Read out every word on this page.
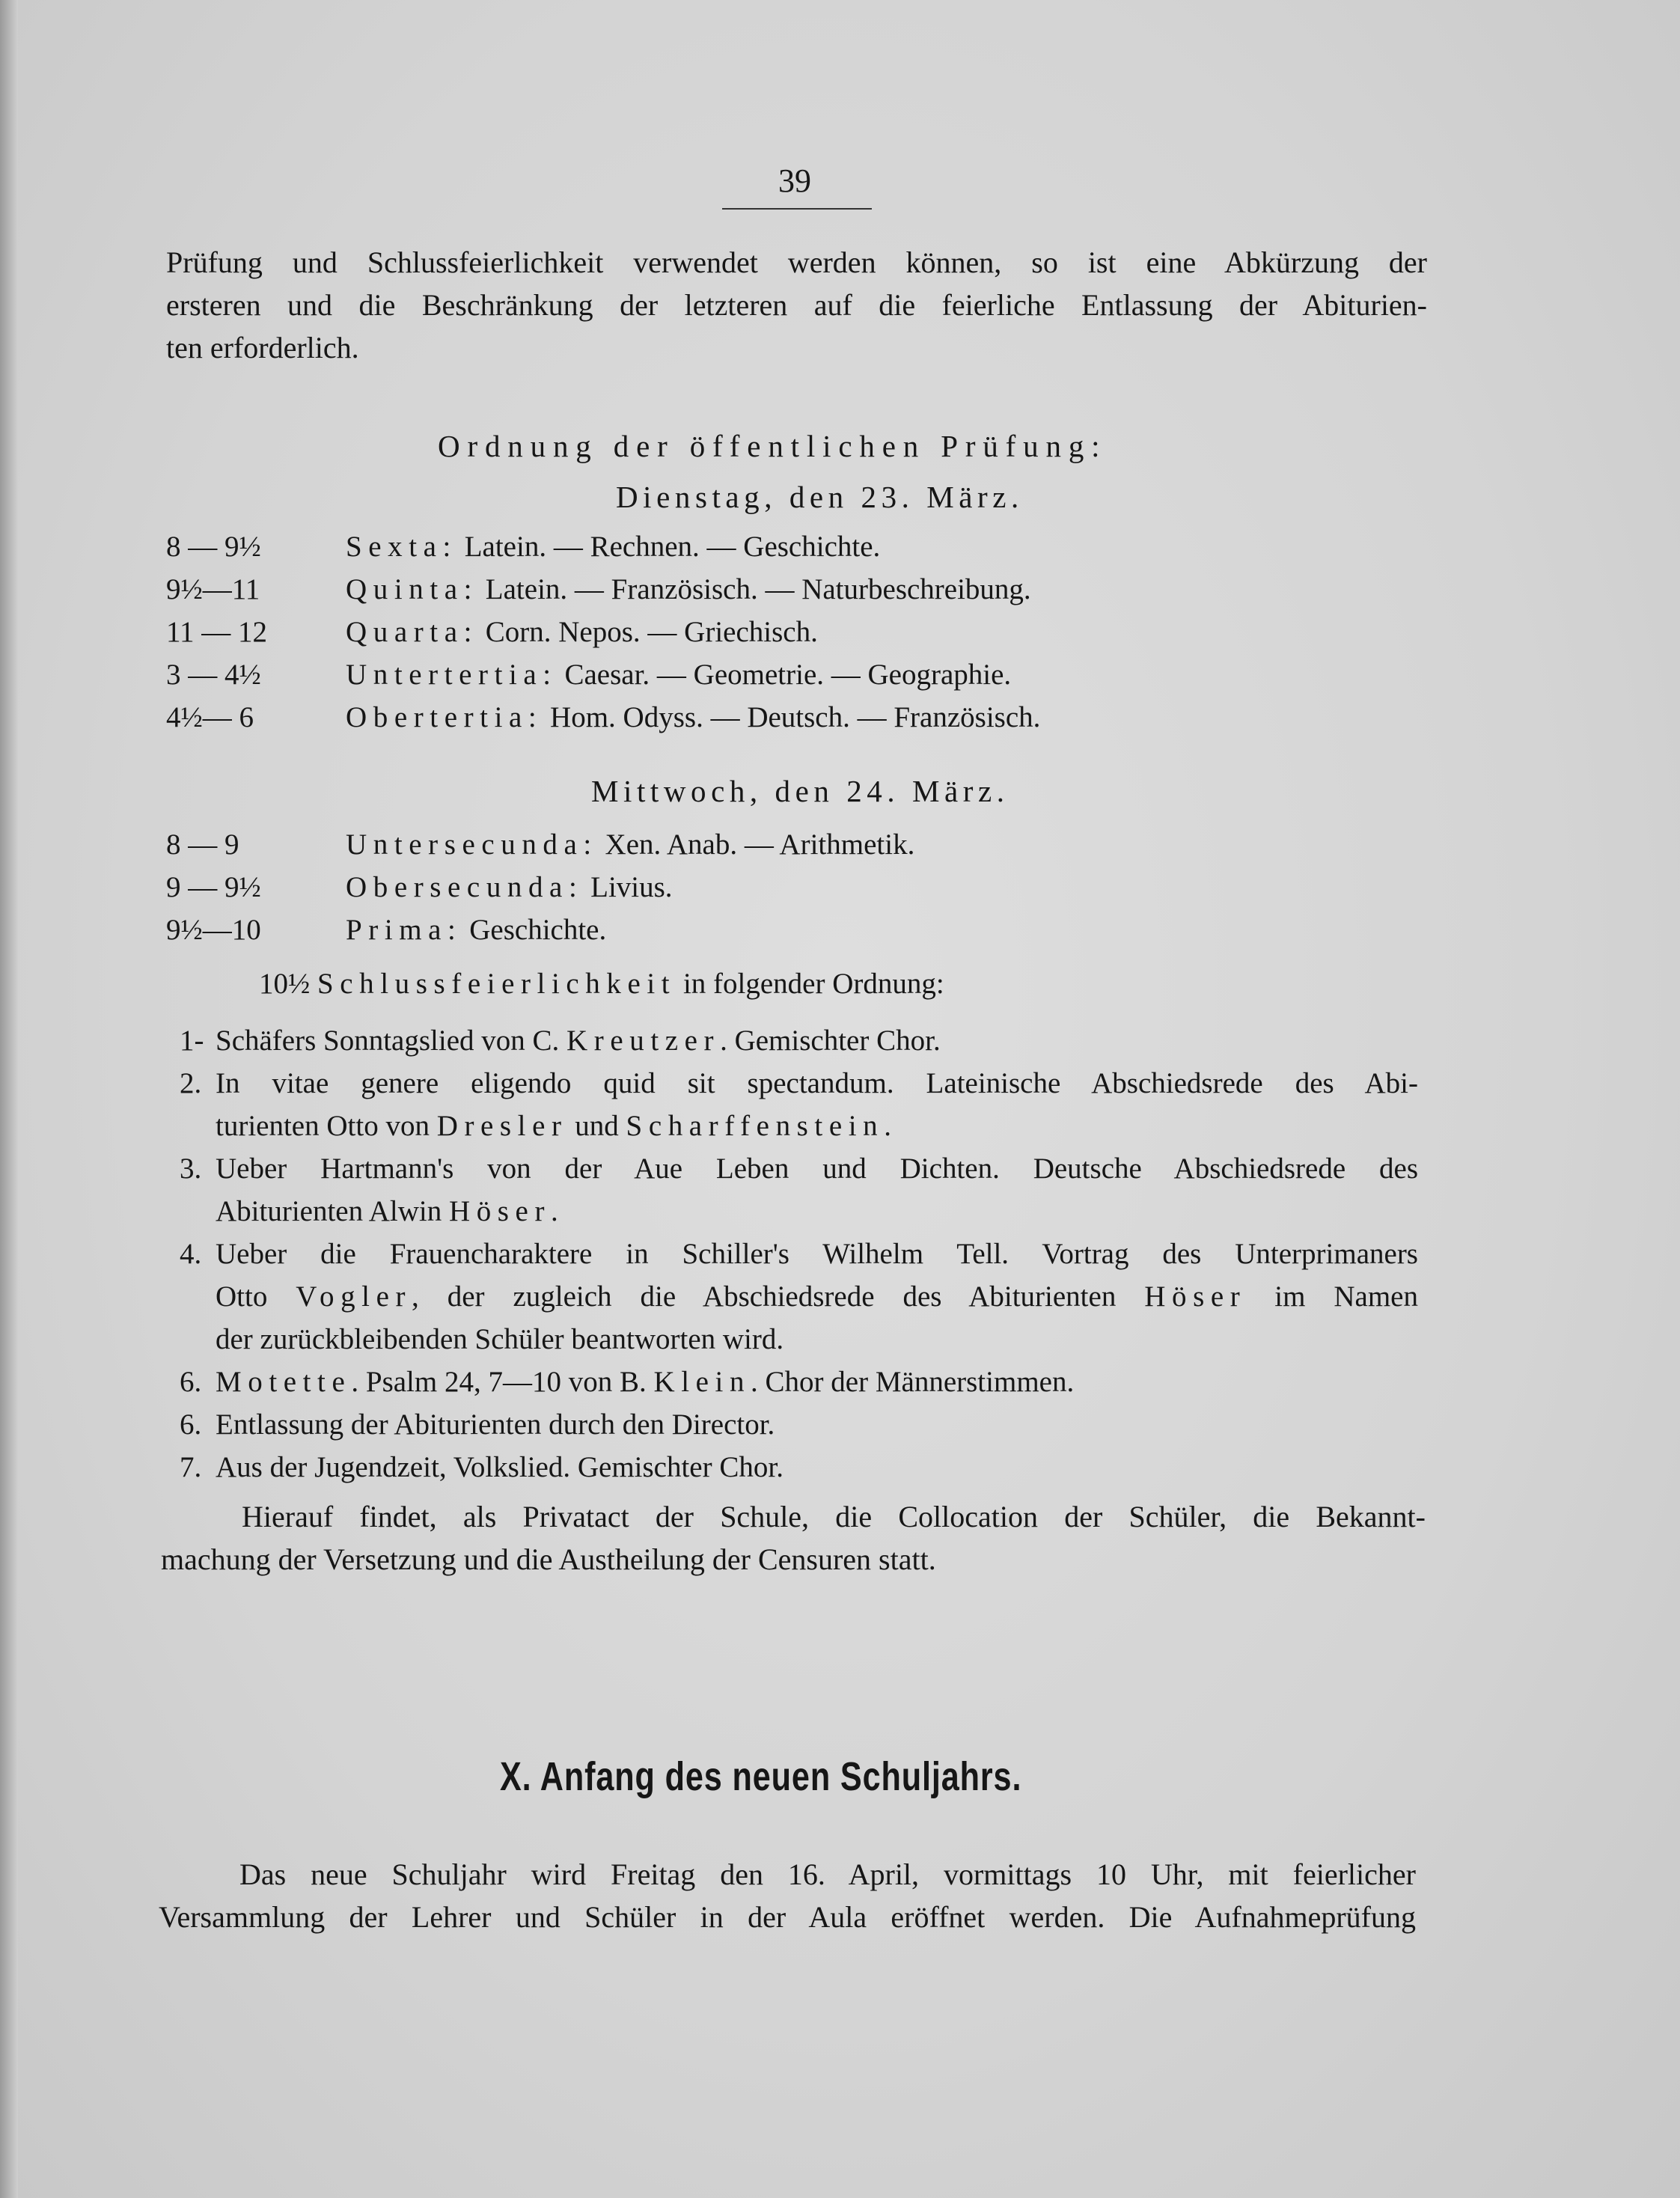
39
Prüfung und Schlussfeierlichkeit verwendet werden können, so ist eine Abkürzung der
ersteren und die Beschränkung der letzteren auf die feierliche Entlassung der Abiturien-
ten erforderlich.
Ordnung der öffentlichen Prüfung:
Dienstag, den 23. März.
8 — 9½	Sexta: Latein. — Rechnen. — Geschichte.
9½—11	Quinta: Latein. — Französisch. — Naturbeschreibung.
11 — 12	Quarta: Corn. Nepos. — Griechisch.
3 — 4½	Untertertia: Caesar. — Geometrie. — Geographie.
4½— 6	Obertertia: Hom. Odyss. — Deutsch. — Französisch.
Mittwoch, den 24. März.
8 — 9	Untersecunda: Xen. Anab. — Arithmetik.
9 — 9½	Obersecunda: Livius.
9½—10	Prima: Geschichte.
10½ Schlussfeierlichkeit in folgender Ordnung:
1- Schäfers Sonntagslied von C. Kreutzer. Gemischter Chor.
2. In vitae genere eligendo quid sit spectandum. Lateinische Abschiedsrede des Abi-
turienten Otto von Dresler und Scharffenstein.
3. Ueber Hartmann's von der Aue Leben und Dichten. Deutsche Abschiedsrede des
Abiturienten Alwin Höser.
4. Ueber die Frauencharaktere in Schiller's Wilhelm Tell. Vortrag des Unterprimaners
Otto Vogler, der zugleich die Abschiedsrede des Abiturienten Höser im Namen
der zurückbleibenden Schüler beantworten wird.
6. Motette. Psalm 24, 7—10 von B. Klein. Chor der Männerstimmen.
6. Entlassung der Abiturienten durch den Director.
7. Aus der Jugendzeit, Volkslied. Gemischter Chor.
Hierauf findet, als Privatact der Schule, die Collocation der Schüler, die Bekannt-
machung der Versetzung und die Austheilung der Censuren statt.
X. Anfang des neuen Schuljahrs.
Das neue Schuljahr wird Freitag den 16. April, vormittags 10 Uhr, mit feierlicher
Versammlung der Lehrer und Schüler in der Aula eröffnet werden. Die Aufnahmeprüfung
